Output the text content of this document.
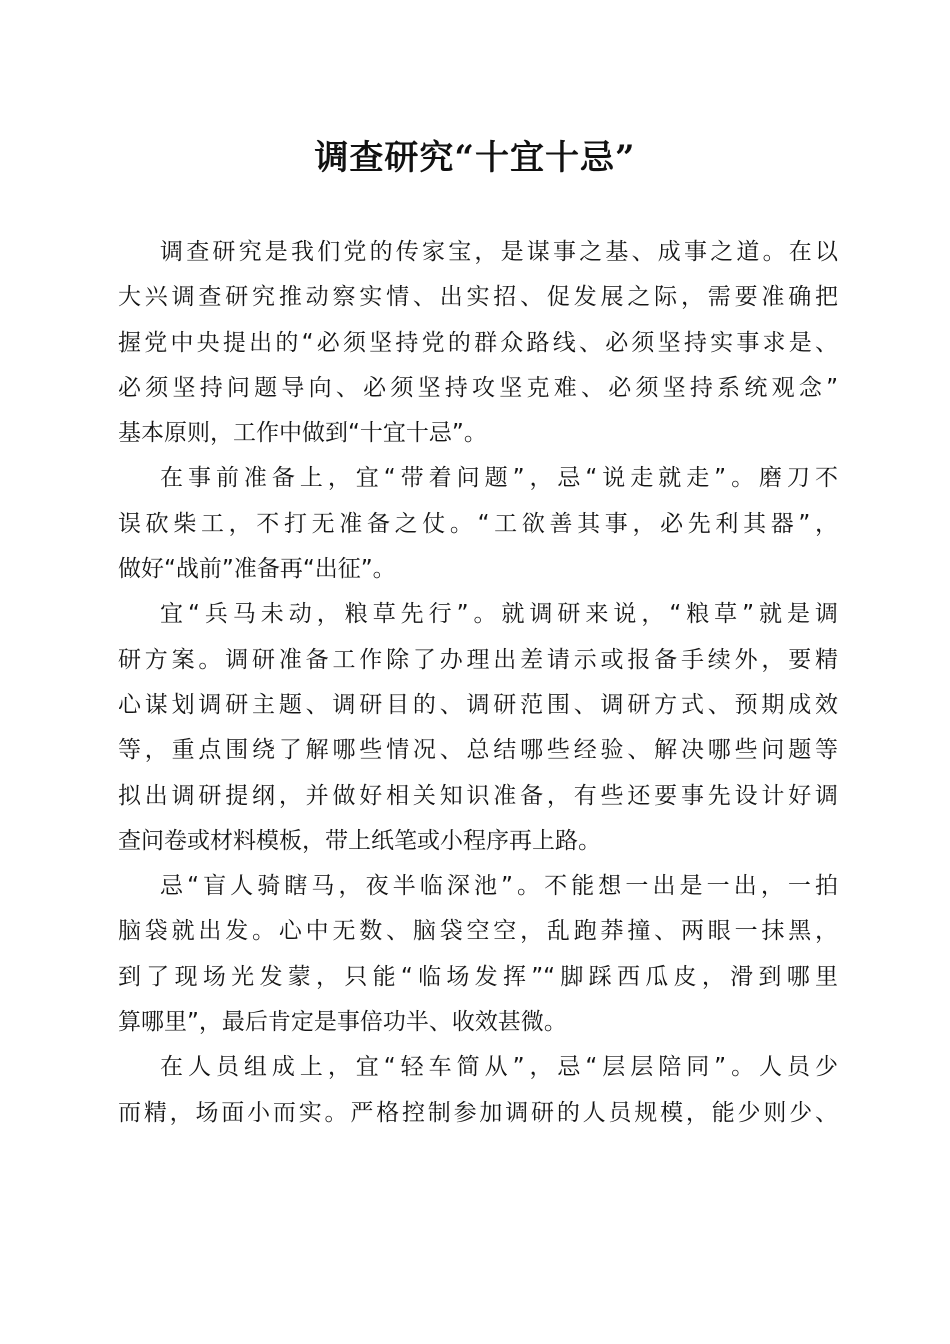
调查研究“十宜十忌”
调查研究是我们党的传家宝，是谋事之基、成事之道。在以
大兴调查研究推动察实情、出实招、促发展之际，需要准确把
握党中央提出的“必须坚持党的群众路线、必须坚持实事求是、
必须坚持问题导向、必须坚持攻坚克难、必须坚持系统观念”
基本原则，工作中做到“十宜十忌”。
在事前准备上，宜“带着问题”，忌“说走就走”。磨刀不
误砍柴工，不打无准备之仗。“工欲善其事，必先利其器”，
做好“战前”准备再“出征”。
宜“兵马未动，粮草先行”。就调研来说，“粮草”就是调
研方案。调研准备工作除了办理出差请示或报备手续外，要精
心谋划调研主题、调研目的、调研范围、调研方式、预期成效
等，重点围绕了解哪些情况、总结哪些经验、解决哪些问题等
拟出调研提纲，并做好相关知识准备，有些还要事先设计好调
查问卷或材料模板，带上纸笔或小程序再上路。
忌“盲人骑瞎马，夜半临深池”。不能想一出是一出，一拍
脑袋就出发。心中无数、脑袋空空，乱跑莽撞、两眼一抹黑，
到了现场光发蒙，只能“临场发挥”“脚踩西瓜皮，滑到哪里
算哪里”，最后肯定是事倍功半、收效甚微。
在人员组成上，宜“轻车简从”，忌“层层陪同”。人员少
而精，场面小而实。严格控制参加调研的人员规模，能少则少、
